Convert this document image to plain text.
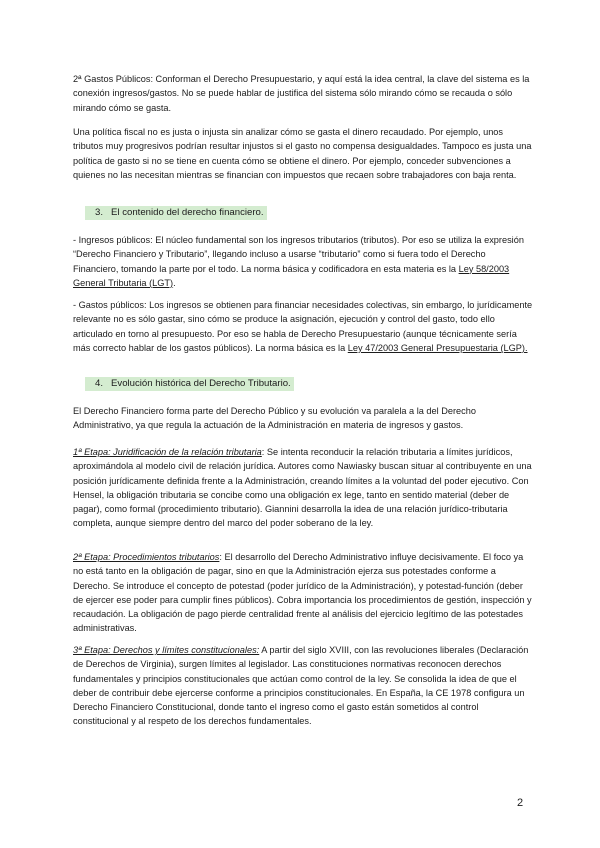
2ª Gastos Públicos: Conforman el Derecho Presupuestario, y aquí está la idea central, la clave del sistema es la conexión ingresos/gastos. No se puede hablar de justifica del sistema sólo mirando cómo se recauda o sólo mirando cómo se gasta.

Una política fiscal no es justa o injusta sin analizar cómo se gasta el dinero recaudado. Por ejemplo, unos tributos muy progresivos podrían resultar injustos si el gasto no compensa desigualdades. Tampoco es justa una política de gasto si no se tiene en cuenta cómo se obtiene el dinero. Por ejemplo, conceder subvenciones a quienes no las necesitan mientras se financian con impuestos que recaen sobre trabajadores con baja renta.

3. El contenido del derecho financiero.

- Ingresos públicos: El núcleo fundamental son los ingresos tributarios (tributos). Por eso se utiliza la expresión “Derecho Financiero y Tributario”, llegando incluso a usarse “tributario” como si fuera todo el Derecho Financiero, tomando la parte por el todo. La norma básica y codificadora en esta materia es la Ley 58/2003 General Tributaria (LGT).

- Gastos públicos: Los ingresos se obtienen para financiar necesidades colectivas, sin embargo, lo jurídicamente relevante no es sólo gastar, sino cómo se produce la asignación, ejecución y control del gasto, todo ello articulado en torno al presupuesto. Por eso se habla de Derecho Presupuestario (aunque técnicamente sería más correcto hablar de los gastos públicos). La norma básica es la Ley 47/2003 General Presupuestaria (LGP).

4. Evolución histórica del Derecho Tributario.

El Derecho Financiero forma parte del Derecho Público y su evolución va paralela a la del Derecho Administrativo, ya que regula la actuación de la Administración en materia de ingresos y gastos.

1ª Etapa: Juridificación de la relación tributaria: Se intenta reconducir la relación tributaria a límites jurídicos, aproximándola al modelo civil de relación jurídica. Autores como Nawiasky buscan situar al contribuyente en una posición jurídicamente definida frente a la Administración, creando límites a la voluntad del poder ejecutivo. Con Hensel, la obligación tributaria se concibe como una obligación ex lege, tanto en sentido material (deber de pagar), como formal (procedimiento tributario). Giannini desarrolla la idea de una relación jurídico-tributaria completa, aunque siempre dentro del marco del poder soberano de la ley.

2ª Etapa: Procedimientos tributarios: El desarrollo del Derecho Administrativo influye decisivamente. El foco ya no está tanto en la obligación de pagar, sino en que la Administración ejerza sus potestades conforme a Derecho. Se introduce el concepto de potestad (poder jurídico de la Administración), y potestad-función (deber de ejercer ese poder para cumplir fines públicos). Cobra importancia los procedimientos de gestión, inspección y recaudación. La obligación de pago pierde centralidad frente al análisis del ejercicio legítimo de las potestades administrativas.

3ª Etapa: Derechos y límites constitucionales: A partir del siglo XVIII, con las revoluciones liberales (Declaración de Derechos de Virginia), surgen límites al legislador. Las constituciones normativas reconocen derechos fundamentales y principios constitucionales que actúan como control de la ley. Se consolida la idea de que el deber de contribuir debe ejercerse conforme a principios constitucionales. En España, la CE 1978 configura un Derecho Financiero Constitucional, donde tanto el ingreso como el gasto están sometidos al control constitucional y al respeto de los derechos fundamentales.

2
